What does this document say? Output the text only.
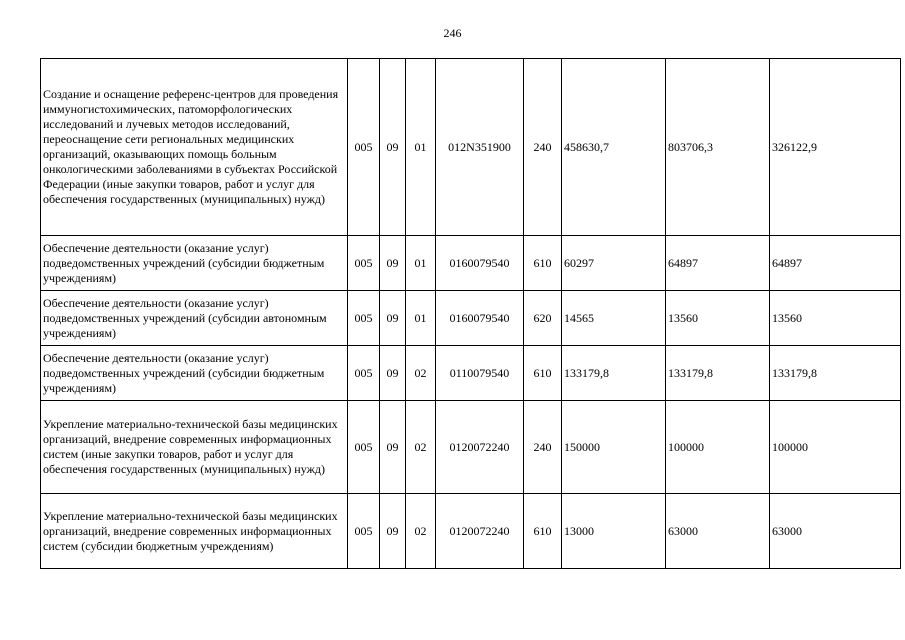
246
Создание и оснащение референс-центров для проведения иммуногистохимических, патоморфологических исследований и лучевых методов исследований, переоснащение сети региональных медицинских организаций, оказывающих помощь больным онкологическими заболеваниями в субъектах Российской Федерации (иные закупки товаров, работ и услуг для обеспечения государственных (муниципальных) нужд)	005	09	01	012N351900	240	458630,7	803706,3	326122,9
Обеспечение деятельности (оказание услуг) подведомственных учреждений (субсидии бюджетным учреждениям)	005	09	01	0160079540	610	60297	64897	64897
Обеспечение деятельности (оказание услуг) подведомственных учреждений (субсидии автономным учреждениям)	005	09	01	0160079540	620	14565	13560	13560
Обеспечение деятельности (оказание услуг) подведомственных учреждений (субсидии бюджетным учреждениям)	005	09	02	0110079540	610	133179,8	133179,8	133179,8
Укрепление материально-технической базы медицинских организаций, внедрение современных информационных систем (иные закупки товаров, работ и услуг для обеспечения государственных (муниципальных) нужд)	005	09	02	0120072240	240	150000	100000	100000
Укрепление материально-технической базы медицинских организаций, внедрение современных информационных систем (субсидии бюджетным учреждениям)	005	09	02	0120072240	610	13000	63000	63000
